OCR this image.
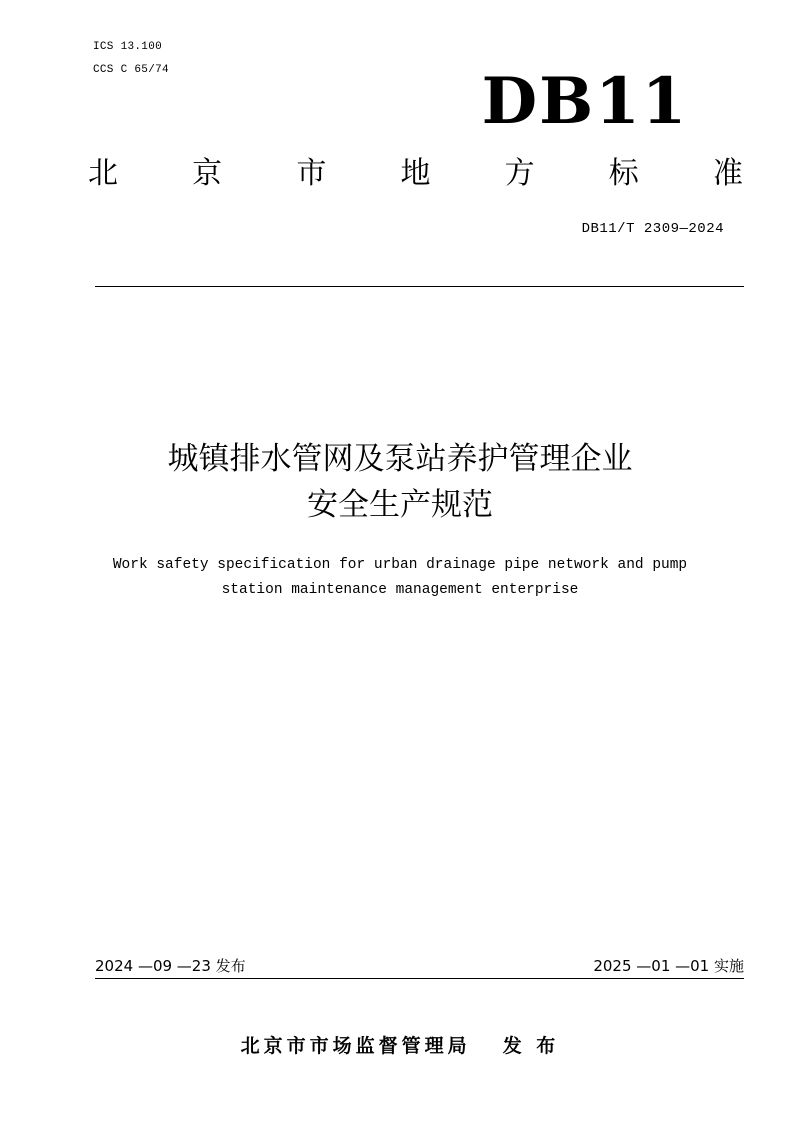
ICS 13.100
CCS C 65/74	DB11
北 京 市 地 方 标 准
DB11/T 2309—2024
城镇排水管网及泵站养护管理企业
安全生产规范
Work safety specification for urban drainage pipe network and pump
station maintenance management enterprise
2024 —09 —23 发布	2025 —01 —01 实施
北京市市场监督管理局 发 布
